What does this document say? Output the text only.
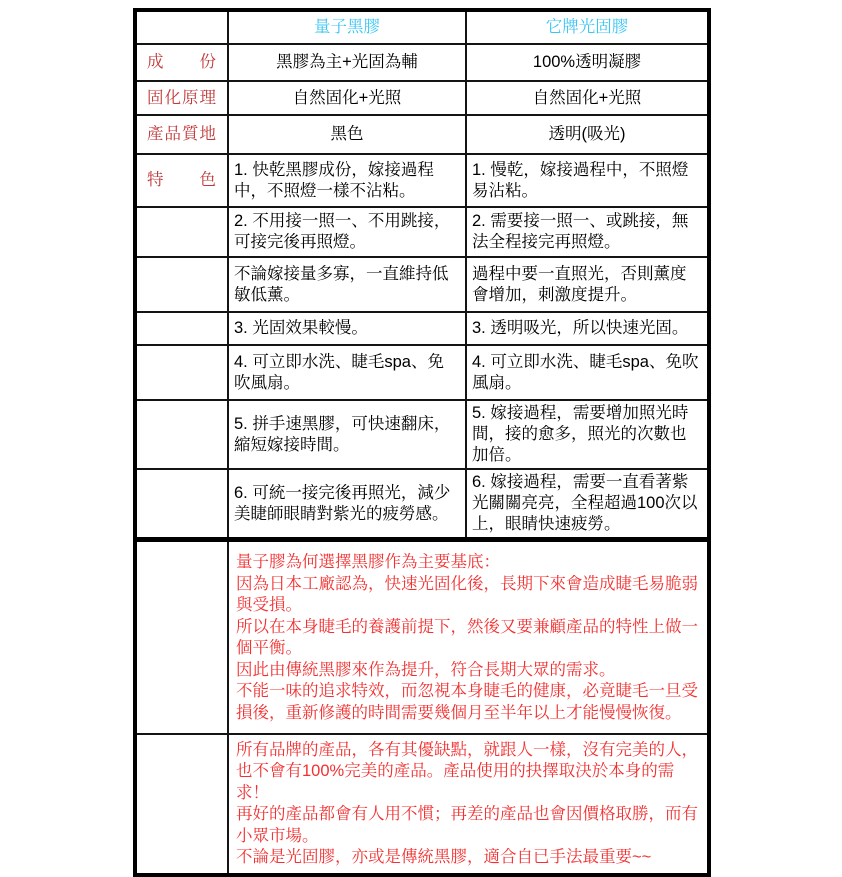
	量子黑膠	它牌光固膠
成　　份	黑膠為主+光固為輔	100%透明凝膠
固化原理	自然固化+光照	自然固化+光照
產品質地	黑色	透明(吸光)
特　　色	1. 快乾黑膠成份，嫁接過程中，不照燈一樣不沾粘。	1. 慢乾，嫁接過程中，不照燈易沾粘。
	2. 不用接一照一、不用跳接，可接完後再照燈。	2. 需要接一照一、或跳接，無法全程接完再照燈。
	不論嫁接量多寡，一直維持低敏低薰。	過程中要一直照光，否則薰度會增加，刺激度提升。
	3. 光固效果較慢。	3. 透明吸光，所以快速光固。
	4. 可立即水洗、睫毛spa、免吹風扇。	4. 可立即水洗、睫毛spa、免吹風扇。
	5. 拼手速黑膠，可快速翻床，縮短嫁接時間。	5. 嫁接過程，需要增加照光時間，接的愈多，照光的次數也加倍。
	6. 可統一接完後再照光，減少美睫師眼睛對紫光的疲勞感。	6. 嫁接過程，需要一直看著紫光關關亮亮，全程超過100次以上，眼睛快速疲勞。

	量子膠為何選擇黑膠作為主要基底：

因為日本工廠認為，快速光固化後，長期下來會造成睫毛易脆弱與受損。

所以在本身睫毛的養護前提下，然後又要兼顧產品的特性上做一個平衡。

因此由傳統黑膠來作為提升，符合長期大眾的需求。

不能一味的追求特效，而忽視本身睫毛的健康，必竟睫毛一旦受損後，重新修護的時間需要幾個月至半年以上才能慢慢恢復。	

	所有品牌的產品，各有其優缺點，就跟人一樣，沒有完美的人，也不會有100%完美的產品。產品使用的抉擇取決於本身的需求！

再好的產品都會有人用不慣；再差的產品也會因價格取勝，而有小眾市場。

不論是光固膠，亦或是傳統黑膠，適合自已手法最重要~~	
